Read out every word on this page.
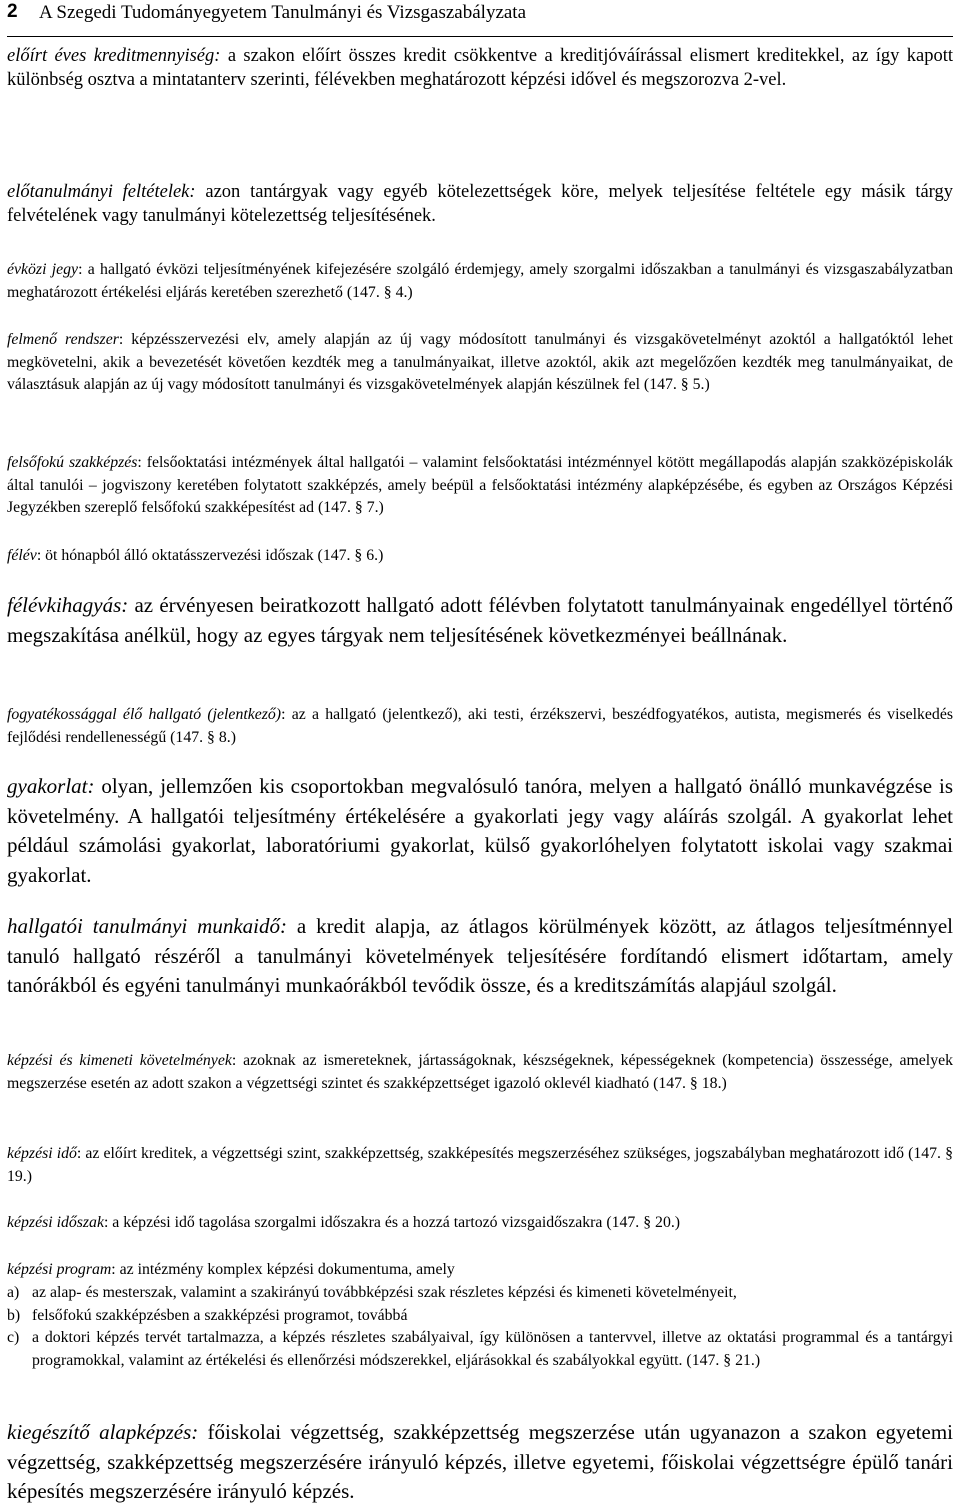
2 A Szegedi Tudományegyetem Tanulmányi és Vizsgaszabályzata
előírt éves kreditmennyiség: a szakon előírt összes kredit csökkentve a kreditjóváírással elismert kreditekkel, az így kapott különbség osztva a mintatanterv szerinti, félévekben meghatározott képzési idővel és megszorozva 2-vel.
előtanulmányi feltételek: azon tantárgyak vagy egyéb kötelezettségek köre, melyek teljesítése feltétele egy másik tárgy felvételének vagy tanulmányi kötelezettség teljesítésének.
évközi jegy: a hallgató évközi teljesítményének kifejezésére szolgáló érdemjegy, amely szorgalmi időszakban a tanulmányi és vizsgaszabályzatban meghatározott értékelési eljárás keretében szerezhető (147. § 4.)
felmenő rendszer: képzésszervezési elv, amely alapján az új vagy módosított tanulmányi és vizsgakövetelményt azoktól a hallgatóktól lehet megkövetelni, akik a bevezetését követően kezdték meg a tanulmányaikat, illetve azoktól, akik azt megelőzően kezdték meg tanulmányaikat, de választásuk alapján az új vagy módosított tanulmányi és vizsgakövetelmények alapján készülnek fel (147. § 5.)
felsőfokú szakképzés: felsőoktatási intézmények által hallgatói – valamint felsőoktatási intézménnyel kötött megállapodás alapján szakközépiskolák által tanulói – jogviszony keretében folytatott szakképzés, amely beépül a felsőoktatási intézmény alapképzésébe, és egyben az Országos Képzési Jegyzékben szereplő felsőfokú szakképesítést ad (147. § 7.)
félév: öt hónapból álló oktatásszervezési időszak (147. § 6.)
félévkihagyás: az érvényesen beiratkozott hallgató adott félévben folytatott tanulmányainak engedéllyel történő megszakítása anélkül, hogy az egyes tárgyak nem teljesítésének következményei beállnának.
fogyatékossággal élő hallgató (jelentkező): az a hallgató (jelentkező), aki testi, érzékszervi, beszédfogyatékos, autista, megismerés és viselkedés fejlődési rendellenességű (147. § 8.)
gyakorlat: olyan, jellemzően kis csoportokban megvalósuló tanóra, melyen a hallgató önálló munkavégzése is követelmény. A hallgatói teljesítmény értékelésére a gyakorlati jegy vagy aláírás szolgál. A gyakorlat lehet például számolási gyakorlat, laboratóriumi gyakorlat, külső gyakorlóhelyen folytatott iskolai vagy szakmai gyakorlat.
hallgatói tanulmányi munkaidő: a kredit alapja, az átlagos körülmények között, az átlagos teljesítménnyel tanuló hallgató részéről a tanulmányi követelmények teljesítésére fordítandó elismert időtartam, amely tanórákból és egyéni tanulmányi munkaórákból tevődik össze, és a kreditszámítás alapjául szolgál.
képzési és kimeneti követelmények: azoknak az ismereteknek, jártasságoknak, készségeknek, képességeknek (kompetencia) összessége, amelyek megszerzése esetén az adott szakon a végzettségi szintet és szakképzettséget igazoló oklevél kiadható (147. § 18.)
képzési idő: az előírt kreditek, a végzettségi szint, szakképzettség, szakképesítés megszerzéséhez szükséges, jogszabályban meghatározott idő (147. § 19.)
képzési időszak: a képzési idő tagolása szorgalmi időszakra és a hozzá tartozó vizsgaidőszakra (147. § 20.)
képzési program: az intézmény komplex képzési dokumentuma, amely
a) az alap- és mesterszak, valamint a szakirányú továbbképzési szak részletes képzési és kimeneti követelményeit,
b) felsőfokú szakképzésben a szakképzési programot, továbbá
c) a doktori képzés tervét tartalmazza, a képzés részletes szabályaival, így különösen a tantervvel, illetve az oktatási programmal és a tantárgyi programokkal, valamint az értékelési és ellenőrzési módszerekkel, eljárásokkal és szabályokkal együtt. (147. § 21.)
kiegészítő alapképzés: főiskolai végzettség, szakképzettség megszerzése után ugyanazon a szakon egyetemi végzettség, szakképzettség megszerzésére irányuló képzés, illetve egyetemi, főiskolai végzettségre épülő tanári képesítés megszerzésére irányuló képzés.
